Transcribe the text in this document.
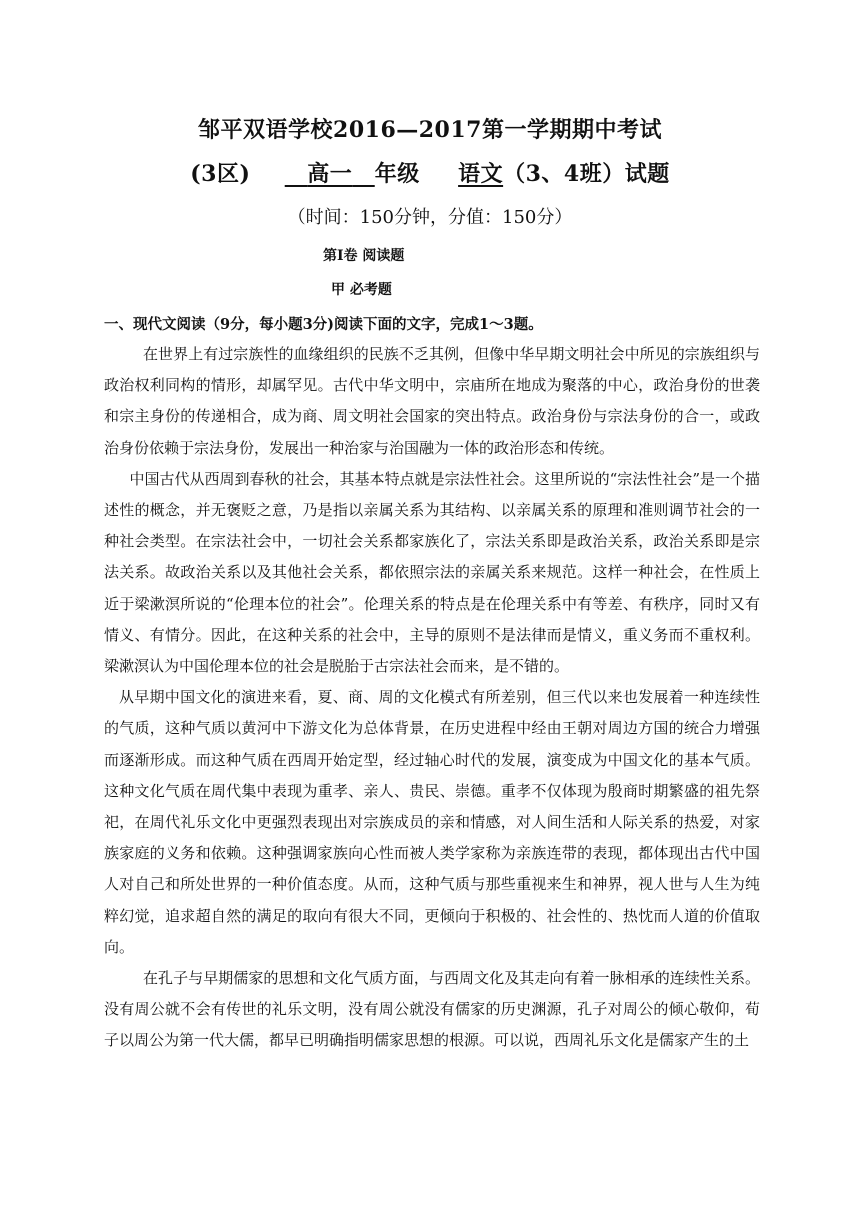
邹平双语学校2016—2017第一学期期中考试
(3区)   	高一  年级 语文（3、4班）试题
（时间：150分钟，分值：150分）
第Ⅰ卷 阅读题
甲 必考题
一、现代文阅读（9分，每小题3分)阅读下面的文字，完成1～3题。

在世界上有过宗族性的血缘组织的民族不乏其例，但像中华早期文明社会中所见的宗族组织与政治权利同构的情形，却属罕见。古代中华文明中，宗庙所在地成为聚落的中心，政治身份的世袭和宗主身份的传递相合，成为商、周文明社会国家的突出特点。政治身份与宗法身份的合一，或政治身份依赖于宗法身份，发展出一种治家与治国融为一体的政治形态和传统。

中国古代从西周到春秋的社会，其基本特点就是宗法性社会。这里所说的“宗法性社会”是一个描述性的概念，并无褒贬之意，乃是指以亲属关系为其结构、以亲属关系的原理和准则调节社会的一种社会类型。在宗法社会中，一切社会关系都家族化了，宗法关系即是政治关系，政治关系即是宗法关系。故政治关系以及其他社会关系，都依照宗法的亲属关系来规范。这样一种社会，在性质上近于梁漱溟所说的“伦理本位的社会”。伦理关系的特点是在伦理关系中有等差、有秩序，同时又有情义、有情分。因此，在这种关系的社会中，主导的原则不是法律而是情义，重义务而不重权利。梁漱溟认为中国伦理本位的社会是脱胎于古宗法社会而来，是不错的。

从早期中国文化的演进来看，夏、商、周的文化模式有所差别，但三代以来也发展着一种连续性的气质，这种气质以黄河中下游文化为总体背景，在历史进程中经由王朝对周边方国的统合力增强而逐渐形成。而这种气质在西周开始定型，经过轴心时代的发展，演变成为中国文化的基本气质。这种文化气质在周代集中表现为重孝、亲人、贵民、崇德。重孝不仅体现为殷商时期繁盛的祖先祭祀，在周代礼乐文化中更强烈表现出对宗族成员的亲和情感，对人间生活和人际关系的热爱，对家族家庭的义务和依赖。这种强调家族向心性而被人类学家称为亲族连带的表现，都体现出古代中国人对自己和所处世界的一种价值态度。从而，这种气质与那些重视来生和神界，视人世与人生为纯粹幻觉，追求超自然的满足的取向有很大不同，更倾向于积极的、社会性的、热忱而人道的价值取向。

在孔子与早期儒家的思想和文化气质方面，与西周文化及其走向有着一脉相承的连续性关系。没有周公就不会有传世的礼乐文明，没有周公就没有儒家的历史渊源，孔子对周公的倾心敬仰，荀子以周公为第一代大儒，都早已明确指明儒家思想的根源。可以说，西周礼乐文化是儒家产生的土
